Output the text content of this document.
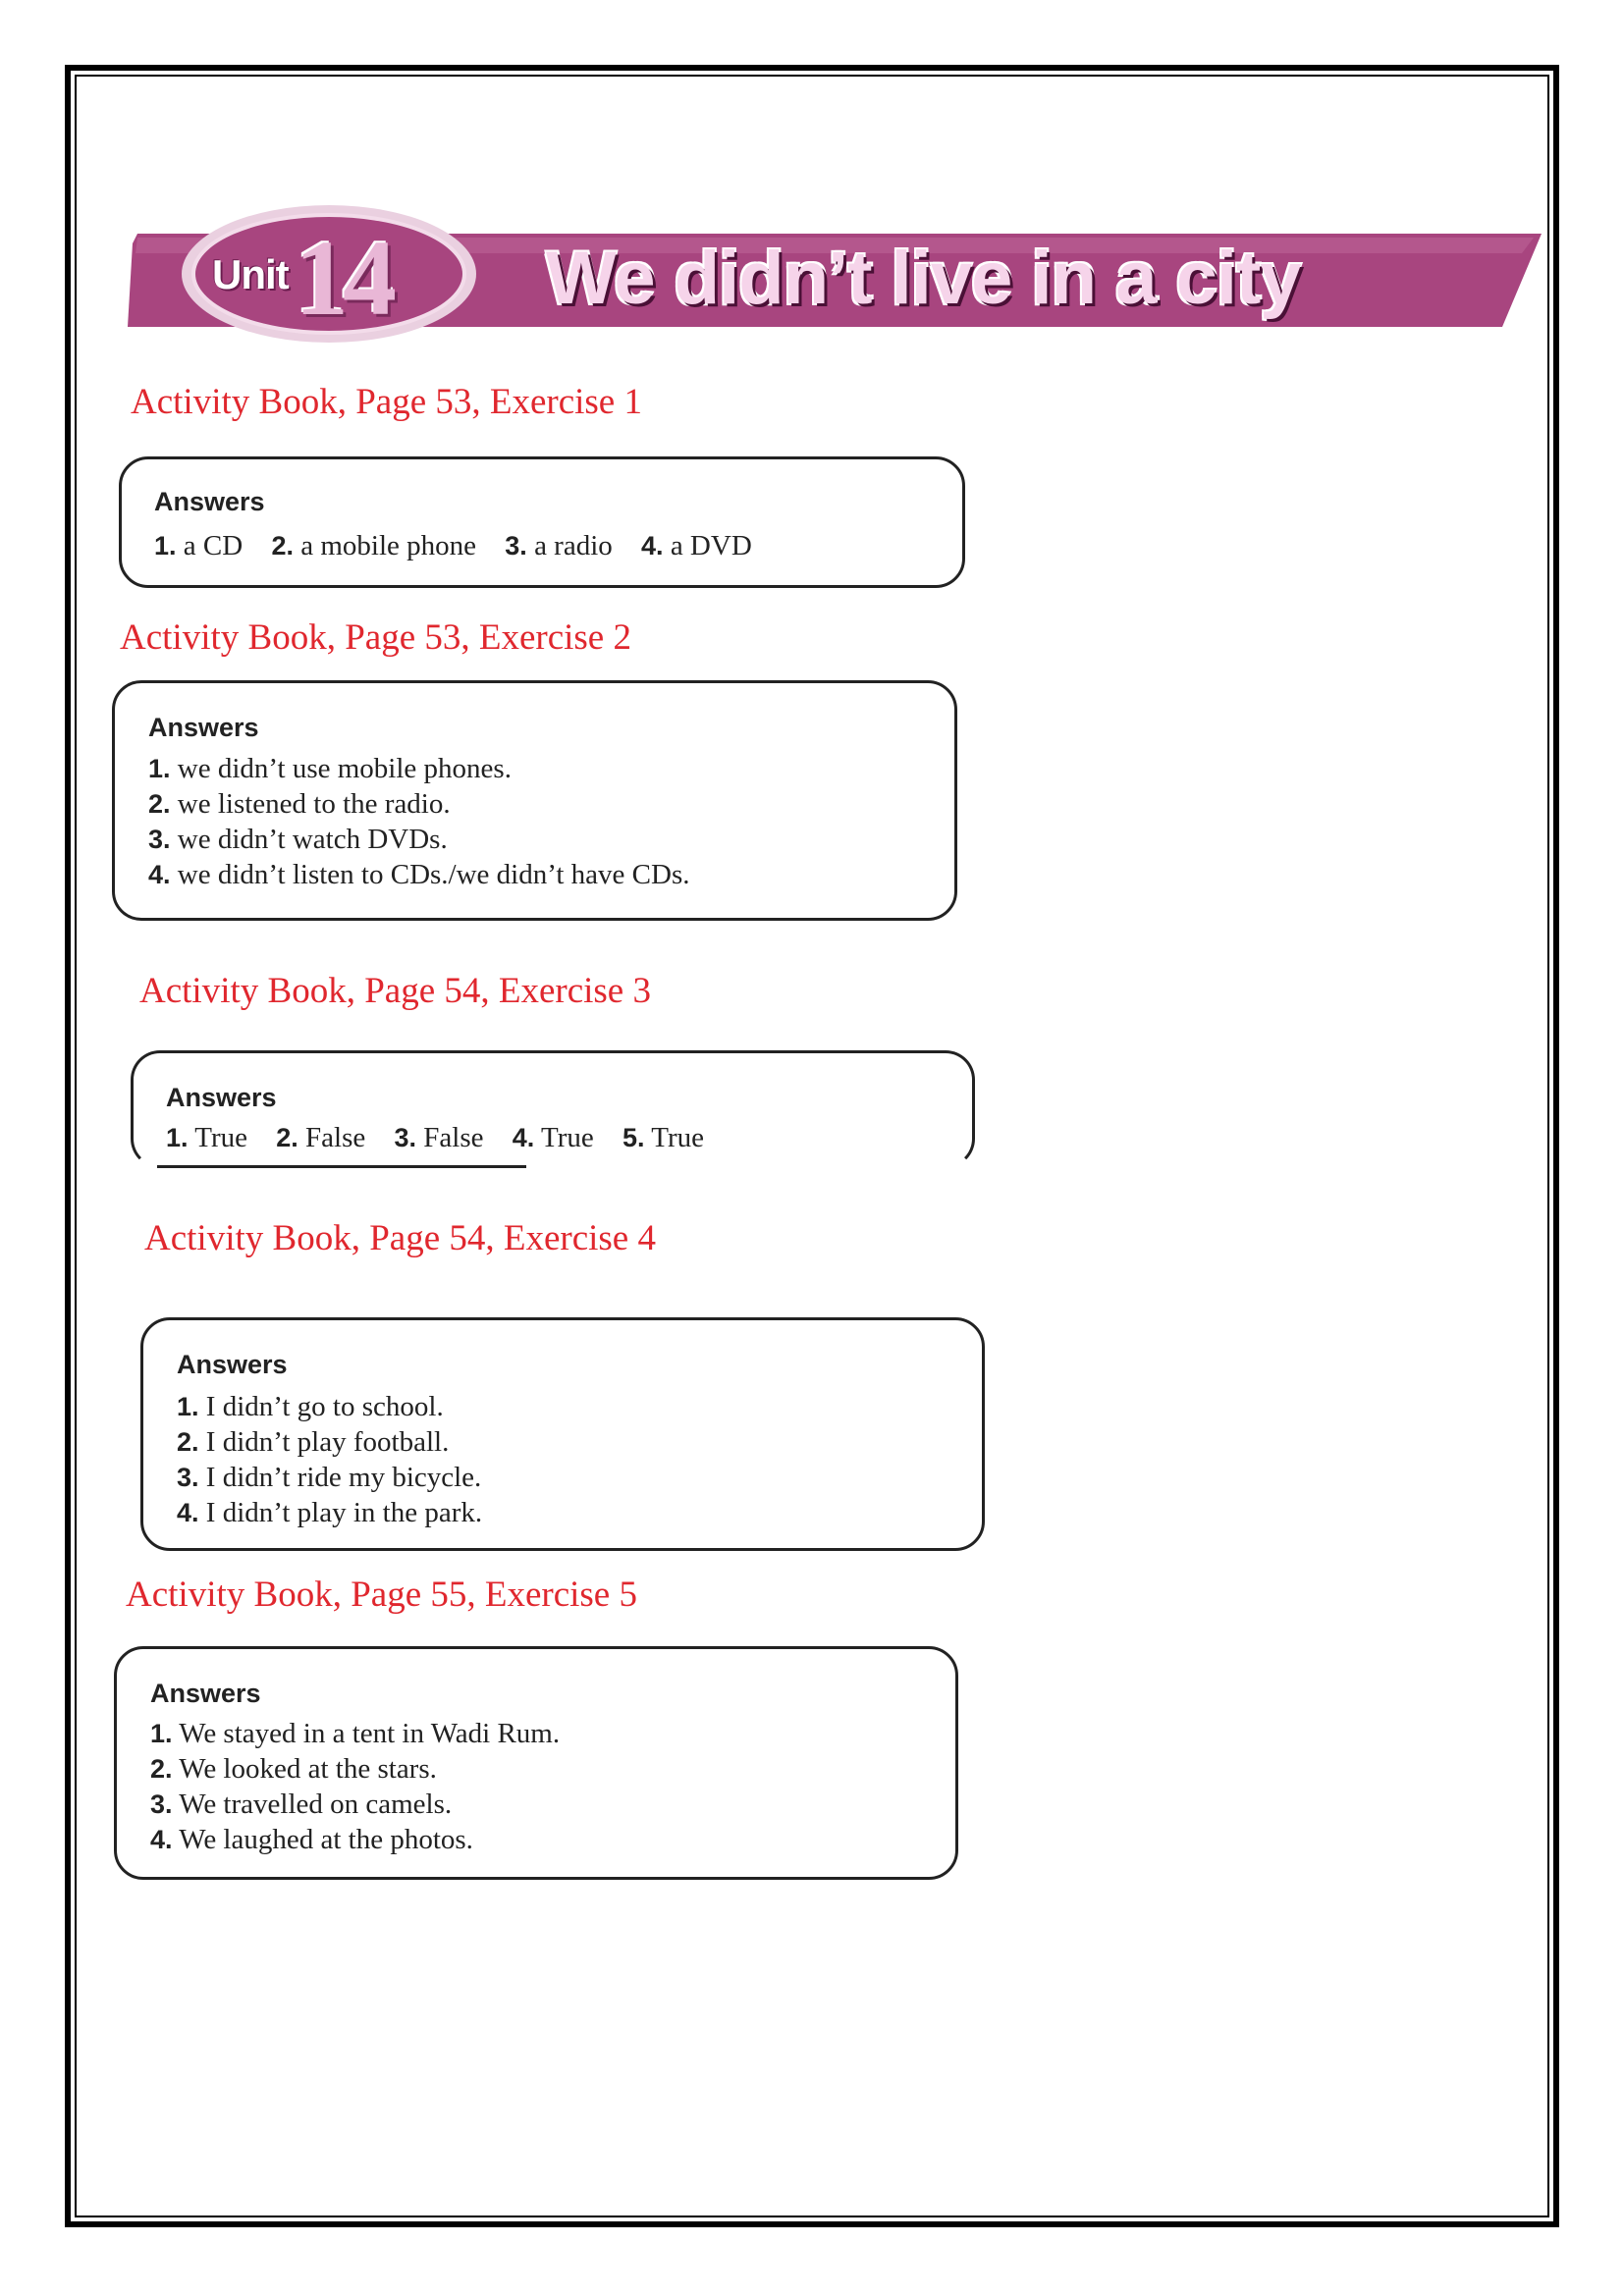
Unit 14 We didn’t live in a city
Activity Book, Page 53, Exercise 1
Answers
1. a CD 2. a mobile phone 3. a radio 4. a DVD
Activity Book, Page 53, Exercise 2
Answers
1. we didn’t use mobile phones.
2. we listened to the radio.
3. we didn’t watch DVDs.
4. we didn’t listen to CDs./we didn’t have CDs.
Activity Book, Page 54, Exercise 3
Answers
1. True 2. False 3. False 4. True 5. True
Activity Book, Page 54, Exercise 4
Answers
1. I didn’t go to school.
2. I didn’t play football.
3. I didn’t ride my bicycle.
4. I didn’t play in the park.
Activity Book, Page 55, Exercise 5
Answers
1. We stayed in a tent in Wadi Rum.
2. We looked at the stars.
3. We travelled on camels.
4. We laughed at the photos.
